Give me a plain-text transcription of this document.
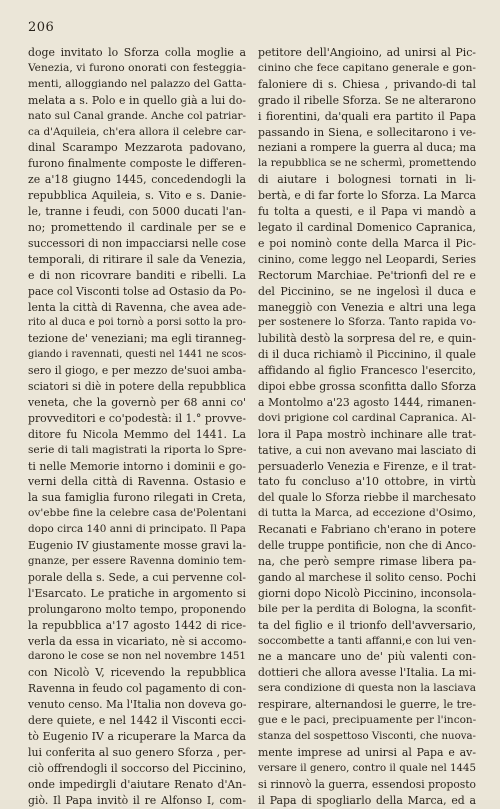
206
doge invitato lo Sforza colla moglie a
Venezia, vi furono onorati con festeggia-
menti, alloggiando nel palazzo del Gatta-
melata a s. Polo e in quello già a lui do-
nato sul Canal grande. Anche col patriar-
ca d'Aquileia, ch'era allora il celebre car-
dinal Scarampo Mezzarota padovano,
furono finalmente composte le differen-
ze a'18 giugno 1445, concedendogli la
repubblica Aquileia, s. Vito e s. Danie-
le, tranne i feudi, con 5000 ducati l'an-
no; promettendo il cardinale per se e
successori di non impacciarsi nelle cose
temporali, di ritirare il sale da Venezia,
e di non ricovrare banditi e ribelli. La
pace col Visconti tolse ad Ostasio da Po-
lenta la città di Ravenna, che avea ade-
rito al duca e poi tornò a porsi sotto la pro-
tezione de' veneziani; ma egli tiranneg-
giando i ravennati, questi nel 1441 ne scos-
sero il giogo, e per mezzo de'suoi amba-
sciatori si diè in potere della repubblica
veneta, che la governò per 68 anni co'
provveditori e co'podestà: il 1.° provve-
ditore fu Nicola Memmo del 1441. La
serie di tali magistrati la riporta lo Spre-
ti nelle Memorie intorno i dominii e go-
verni della città di Ravenna. Ostasio e
la sua famiglia furono rilegati in Creta,
ov'ebbe fine la celebre casa de'Polentani
dopo circa 140 anni di principato. Il Papa
Eugenio IV giustamente mosse gravi la-
gnanze, per essere Ravenna dominio tem-
porale della s. Sede, a cui pervenne col-
l'Esarcato. Le pratiche in argomento si
prolungarono molto tempo, proponendo
la repubblica a'17 agosto 1442 di rice-
verla da essa in vicariato, nè si accomo-
darono le cose se non nel novembre 1451
con Nicolò V, ricevendo la repubblica
Ravenna in feudo col pagamento di con-
venuto censo. Ma l'Italia non doveva go-
dere quiete, e nel 1442 il Visconti ecci-
tò Eugenio IV a ricuperare la Marca da
lui conferita al suo genero Sforza , per-
ciò offrendogli il soccorso del Piccinino,
onde impedirgli d'aiutare Renato d'An-
giò. Il Papa invitò il re Alfonso I, com-
petitore dell'Angioino, ad unirsi al Pic-
cinino che fece capitano generale e gon-
faloniere di s. Chiesa , privando-di tal
grado il ribelle Sforza. Se ne alterarono
i fiorentini, da'quali era partito il Papa
passando in Siena, e sollecitarono i ve-
neziani a rompere la guerra al duca; ma
la repubblica se ne schermì, promettendo
di aiutare i bolognesi tornati in li-
bertà, e di far forte lo Sforza. La Marca
fu tolta a questi, e il Papa vi mandò a
legato il cardinal Domenico Capranica,
e poi nominò conte della Marca il Pic-
cinino, come leggo nel Leopardi, Series
Rectorum Marchiae. Pe'trionfi del re e
del Piccinino, se ne ingelosì il duca e
maneggiò con Venezia e altri una lega
per sostenere lo Sforza. Tanto rapida vo-
lubilità destò la sorpresa del re, e quin-
di il duca richiamò il Piccinino, il quale
affidando al figlio Francesco l'esercito,
dipoi ebbe grossa sconfitta dallo Sforza
a Montolmo a'23 agosto 1444, rimanen-
dovi prigione col cardinal Capranica. Al-
lora il Papa mostrò inchinare alle trat-
tative, a cui non avevano mai lasciato di
persuaderlo Venezia e Firenze, e il trat-
tato fu concluso a'10 ottobre, in virtù
del quale lo Sforza riebbe il marchesato
di tutta la Marca, ad eccezione d'Osimo,
Recanati e Fabriano ch'erano in potere
delle truppe pontificie, non che di Anco-
na, che però sempre rimase libera pa-
gando al marchese il solito censo. Pochi
giorni dopo Nicolò Piccinino, inconsola-
bile per la perdita di Bologna, la sconfit-
ta del figlio e il trionfo dell'avversario,
soccombette a tanti affanni,e con lui ven-
ne a mancare uno de' più valenti con-
dottieri che allora avesse l'Italia. La mi-
sera condizione di questa non la lasciava
respirare, alternandosi le guerre, le tre-
gue e le paci, precipuamente per l'incon-
stanza del sospettoso Visconti, che nuova-
mente imprese ad unirsi al Papa e av-
versare il genero, contro il quale nel 1445
si rinnovò la guerra, essendosi proposto
il Papa di spogliarlo della Marca, ed a
